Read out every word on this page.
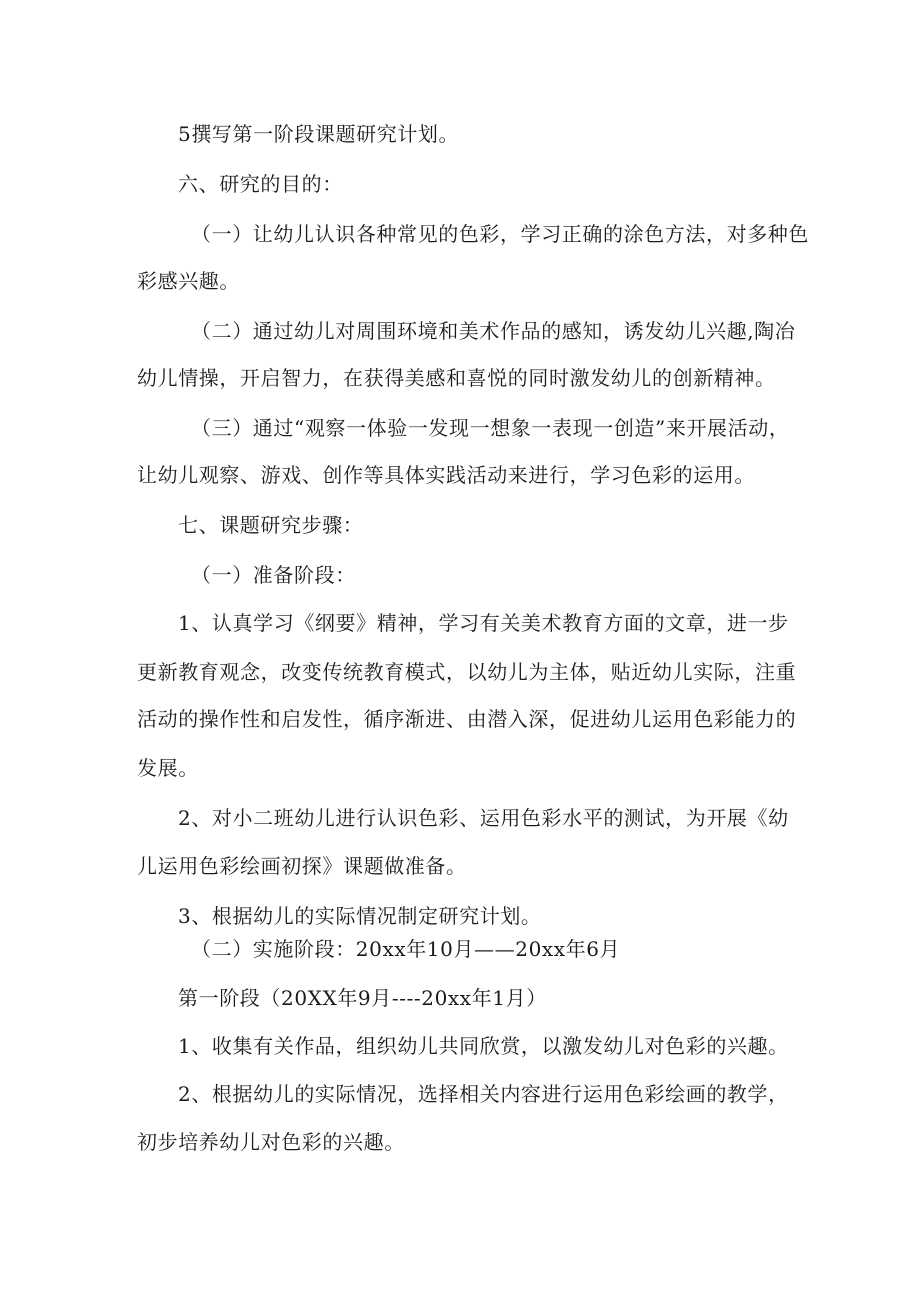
5撰写第一阶段课题研究计划。

六、研究的目的：

（一）让幼儿认识各种常见的色彩，学习正确的涂色方法，对多种色

彩感兴趣。

（二）通过幼儿对周围环境和美术作品的感知，诱发幼儿兴趣,陶冶

幼儿情操，开启智力，在获得美感和喜悦的同时激发幼儿的创新精神。

（三）通过“观察一体验一发现一想象一表现一创造”来开展活动，

让幼儿观察、游戏、创作等具体实践活动来进行，学习色彩的运用。

七、课题研究步骤：

（一）准备阶段：

1、认真学习《纲要》精神，学习有关美术教育方面的文章，进一步

更新教育观念，改变传统教育模式，以幼儿为主体，贴近幼儿实际，注重

活动的操作性和启发性，循序渐进、由潜入深，促进幼儿运用色彩能力的

发展。

2、对小二班幼儿进行认识色彩、运用色彩水平的测试，为开展《幼

儿运用色彩绘画初探》课题做准备。

3、根据幼儿的实际情况制定研究计划。

（二）实施阶段：20xx年10月——20xx年6月

第一阶段（20XX年9月----20xx年1月）

1、收集有关作品，组织幼儿共同欣赏，以激发幼儿对色彩的兴趣。

2、根据幼儿的实际情况，选择相关内容进行运用色彩绘画的教学，

初步培养幼儿对色彩的兴趣。
